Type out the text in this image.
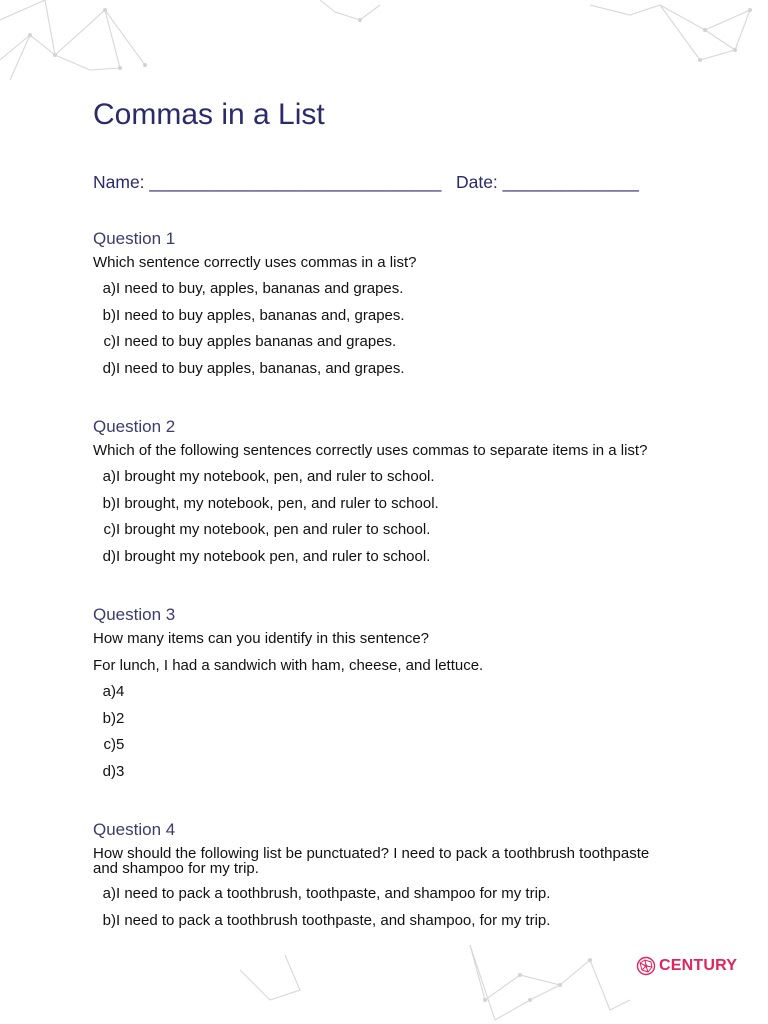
Commas in a List
Name: ______________________________   Date: ______________
Question 1
Which sentence correctly uses commas in a list?
a) I need to buy, apples, bananas and grapes.
b) I need to buy apples, bananas and, grapes.
c) I need to buy apples bananas and grapes.
d) I need to buy apples, bananas, and grapes.
Question 2
Which of the following sentences correctly uses commas to separate items in a list?
a) I brought my notebook, pen, and ruler to school.
b) I brought, my notebook, pen, and ruler to school.
c) I brought my notebook, pen and ruler to school.
d) I brought my notebook pen, and ruler to school.
Question 3
How many items can you identify in this sentence?
For lunch, I had a sandwich with ham, cheese, and lettuce.
a) 4
b) 2
c) 5
d) 3
Question 4
How should the following list be punctuated? I need to pack a toothbrush toothpaste and shampoo for my trip.
a) I need to pack a toothbrush, toothpaste, and shampoo for my trip.
b) I need to pack a toothbrush toothpaste, and shampoo, for my trip.
CENTURY
